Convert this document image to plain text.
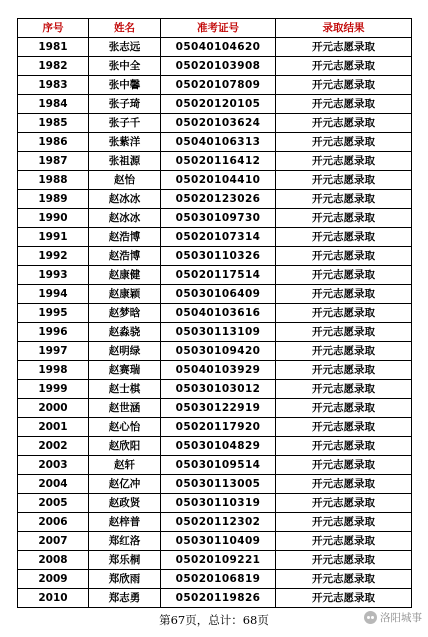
序号	姓名	准考证号	录取结果
1981	张志远	05040104620	开元志愿录取
1982	张中全	05020103908	开元志愿录取
1983	张中馨	05020107809	开元志愿录取
1984	张子琦	05020120105	开元志愿录取
1985	张子千	05020103624	开元志愿录取
1986	张紫洋	05040106313	开元志愿录取
1987	张祖源	05020116412	开元志愿录取
1988	赵怡	05020104410	开元志愿录取
1989	赵冰冰	05020123026	开元志愿录取
1990	赵冰冰	05030109730	开元志愿录取
1991	赵浩博	05020107314	开元志愿录取
1992	赵浩博	05030110326	开元志愿录取
1993	赵康健	05020117514	开元志愿录取
1994	赵康颖	05030106409	开元志愿录取
1995	赵梦晗	05040103616	开元志愿录取
1996	赵淼骁	05030113109	开元志愿录取
1997	赵明绿	05030109420	开元志愿录取
1998	赵赛瑞	05040103929	开元志愿录取
1999	赵士棋	05030103012	开元志愿录取
2000	赵世涵	05030122919	开元志愿录取
2001	赵心怡	05020117920	开元志愿录取
2002	赵欣阳	05030104829	开元志愿录取
2003	赵轩	05030109514	开元志愿录取
2004	赵亿冲	05030113005	开元志愿录取
2005	赵政贤	05030110319	开元志愿录取
2006	赵梓普	05020112302	开元志愿录取
2007	郑红洛	05030110409	开元志愿录取
2008	郑乐桐	05020109221	开元志愿录取
2009	郑欣雨	05020106819	开元志愿录取
2010	郑志勇	05020119826	开元志愿录取
第67页，总计：68页	洛阳城事
